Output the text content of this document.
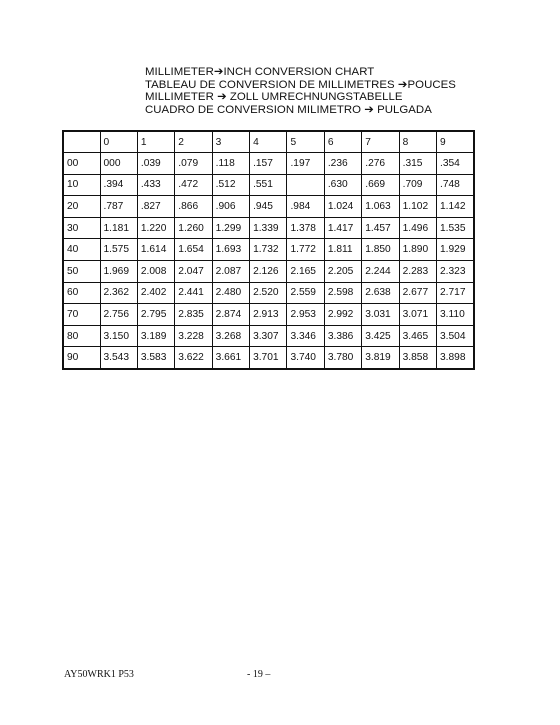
MILLIMETER➔INCH CONVERSION CHART
TABLEAU DE CONVERSION DE MILLIMETRES ➔POUCES
MILLIMETER ➔ ZOLL UMRECHNUNGSTABELLE
CUADRO DE CONVERSION MILIMETRO ➔ PULGADA
	0	1	2	3	4	5	6	7	8	9
00	000	.039	.079	.118	.157	.197	.236	.276	.315	.354
10	.394	.433	.472	.512	.551		.630	.669	.709	.748
20	.787	.827	.866	.906	.945	.984	1.024	1.063	1.102	1.142
30	1.181	1.220	1.260	1.299	1.339	1.378	1.417	1.457	1.496	1.535
40	1.575	1.614	1.654	1.693	1.732	1.772	1.811	1.850	1.890	1.929
50	1.969	2.008	2.047	2.087	2.126	2.165	2.205	2.244	2.283	2.323
60	2.362	2.402	2.441	2.480	2.520	2.559	2.598	2.638	2.677	2.717
70	2.756	2.795	2.835	2.874	2.913	2.953	2.992	3.031	3.071	3.110
80	3.150	3.189	3.228	3.268	3.307	3.346	3.386	3.425	3.465	3.504
90	3.543	3.583	3.622	3.661	3.701	3.740	3.780	3.819	3.858	3.898
AY50WRK1 P53	- 19 –
